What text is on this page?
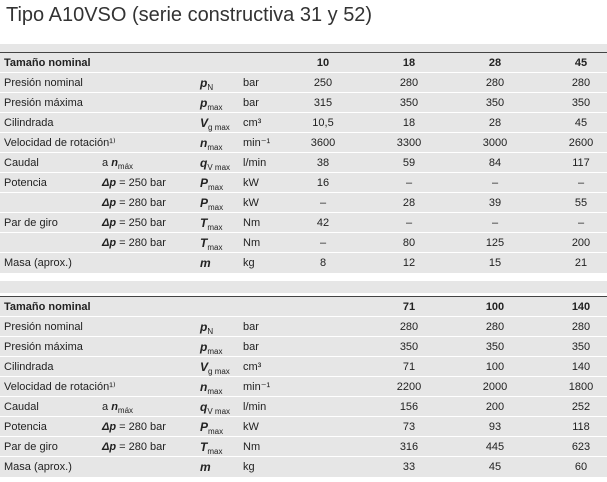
Tipo A10VSO (serie constructiva 31 y 52)
Tamaño nominal	10	18	28	45
Presión nominal	$p_N$	bar	250	280	280	280
Presión máxima	$p_{max}$ bar	315	350	350	350
Cilindrada	$V_{g max}$ cm³	10,5	18	28	45
Velocidad de rotación¹⁾	$n_{max}$ min⁻¹	3600	3300	3000	2600
Caudal	a $n_{máx}$	$q_{V max}$ l/min	38	59	84	117
Potencia	Δp = 250 bar	$P_{max}$ kW	16	–	–	–
Δp = 280 bar	$P_{max}$ kW	–	28	39	55
Par de giro	Δp = 250 bar	$T_{max}$ Nm	42	–	–	–
Δp = 280 bar	$T_{max}$ Nm	–	80	125	200
Masa (aprox.)	m	kg	8	12	15	21
Tamaño nominal	71	100	140
Presión nominal	$p_N$	bar	280	280	280
Presión máxima	$p_{max}$ bar	350	350	350
Cilindrada	$V_{g max}$ cm³	71	100	140
Velocidad de rotación¹⁾	$n_{max}$ min⁻¹	2200	2000	1800
Caudal	a $n_{máx}$	$q_{V max}$ l/min	156	200	252
Potencia	Δp = 280 bar	$P_{max}$ kW	73	93	118
Par de giro	Δp = 280 bar	$T_{max}$ Nm	316	445	623
Masa (aprox.)	m	kg	33	45	60
